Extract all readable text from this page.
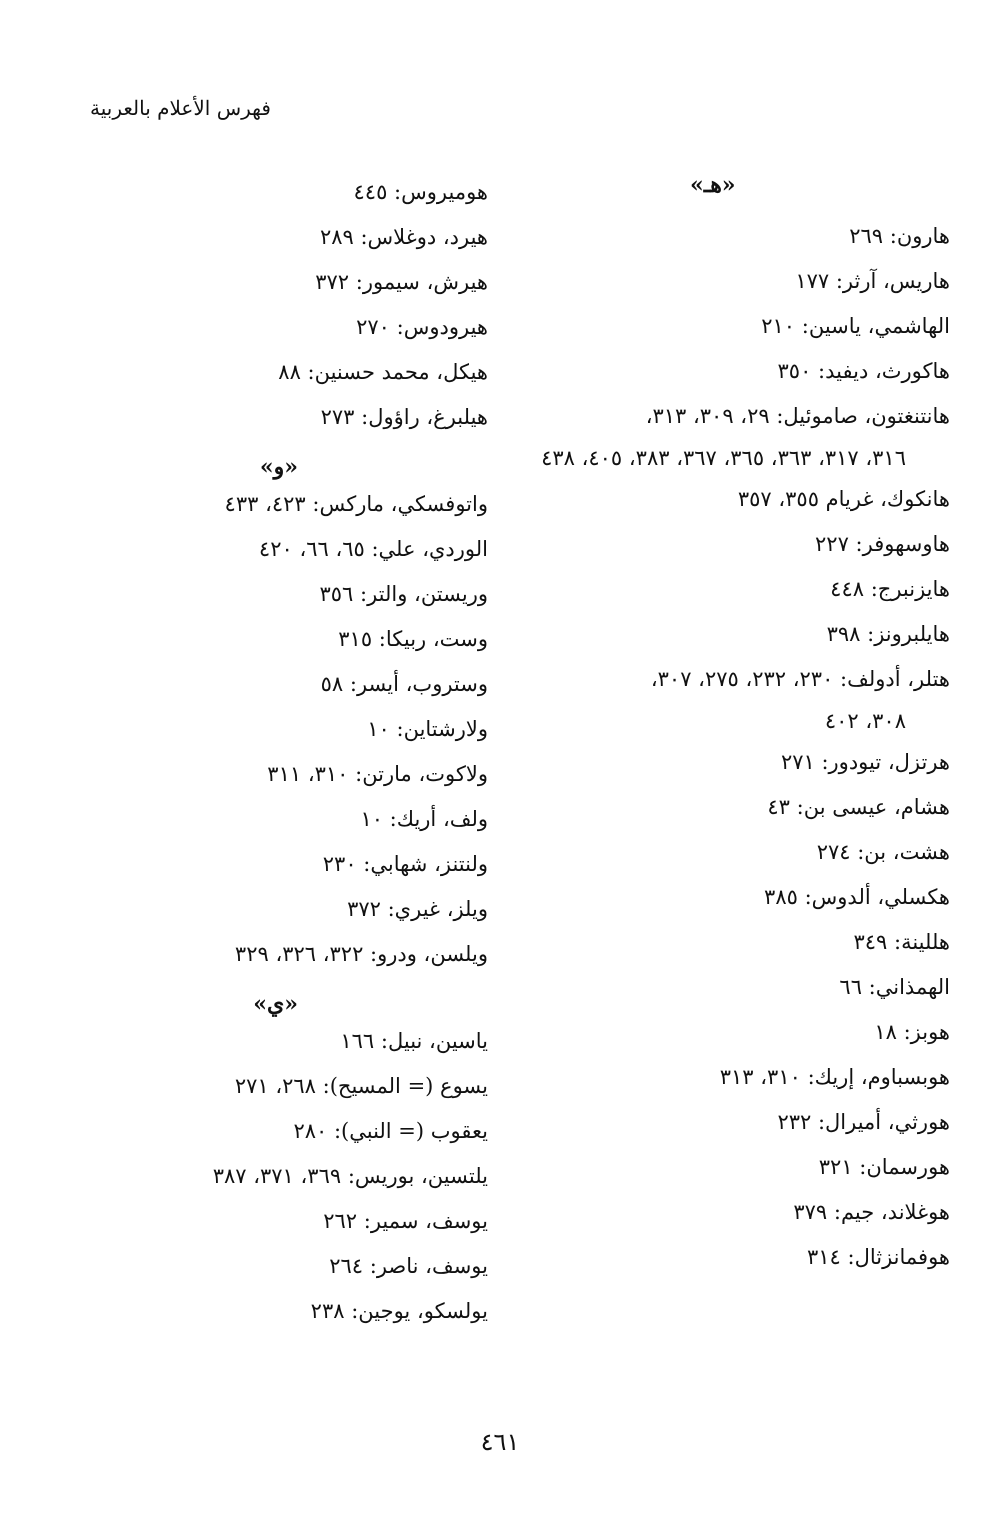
فهرس الأعلام بالعربية
«هـ»
هارون: ٢٦٩
هاريس، آرثر: ١٧٧
الهاشمي، ياسين: ٢١٠
هاكورث، ديفيد: ٣٥٠
هانتنغتون، صاموئيل: ٢٩، ٣٠٩، ٣١٣،
٣١٦، ٣١٧، ٣٦٣، ٣٦٥، ٣٦٧، ٣٨٣، ٤٠٥، ٤٣٨
هانكوك، غريام ٣٥٥، ٣٥٧
هاوسهوفر: ٢٢٧
هايزنبرج: ٤٤٨
هايلبرونز: ٣٩٨
هتلر، أدولف: ٢٣٠، ٢٣٢، ٢٧٥، ٣٠٧،
٣٠٨، ٤٠٢
هرتزل، تيودور: ٢٧١
هشام، عيسى بن: ٤٣
هشت، بن: ٢٧٤
هكسلي، ألدوس: ٣٨٥
هللينة: ٣٤٩
الهمذاني: ٦٦
هوبز: ١٨
هوبسباوم، إريك: ٣١٠، ٣١٣
هورثي، أميرال: ٢٣٢
هورسمان: ٣٢١
هوغلاند، جيم: ٣٧٩
هوفمانزثال: ٣١٤
هوميروس: ٤٤٥
هيرد، دوغلاس: ٢٨٩
هيرش، سيمور: ٣٧٢
هيرودوس: ٢٧٠
هيكل، محمد حسنين: ٨٨
هيلبرغ، راؤول: ٢٧٣
«و»
واتوفسكي، ماركس: ٤٢٣، ٤٣٣
الوردي، علي: ٦٥، ٦٦، ٤٢٠
وريستن، والتر: ٣٥٦
وست، ربيكا: ٣١٥
وستروب، أيسر: ٥٨
ولارشتاين: ١٠
ولاكوت، مارتن: ٣١٠، ٣١١
ولف، أريك: ١٠
ولنتنز، شهابي: ٢٣٠
ويلز، غيري: ٣٧٢
ويلسن، ودرو: ٣٢٢، ٣٢٦، ٣٢٩
«ي»
ياسين، نبيل: ١٦٦
يسوع (= المسيح): ٢٦٨، ٢٧١
يعقوب (= النبي): ٢٨٠
يلتسين، بوريس: ٣٦٩، ٣٧١، ٣٨٧
يوسف، سمير: ٢٦٢
يوسف، ناصر: ٢٦٤
يولسكو، يوجين: ٢٣٨
٤٦١
